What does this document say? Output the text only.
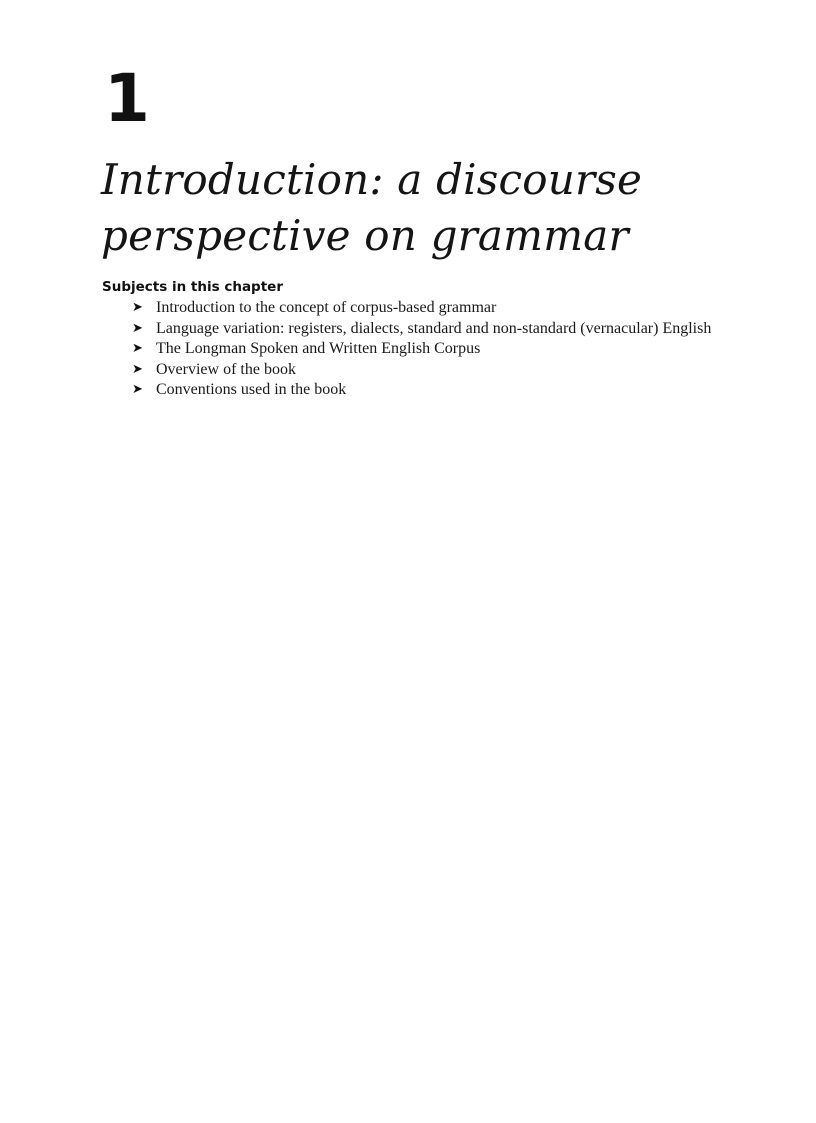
1
Introduction: a discourse
perspective on grammar
Subjects in this chapter
➤ Introduction to the concept of corpus-based grammar
➤ Language variation: registers, dialects, standard and non-standard (vernacular) English
➤ The Longman Spoken and Written English Corpus
➤ Overview of the book
➤ Conventions used in the book
